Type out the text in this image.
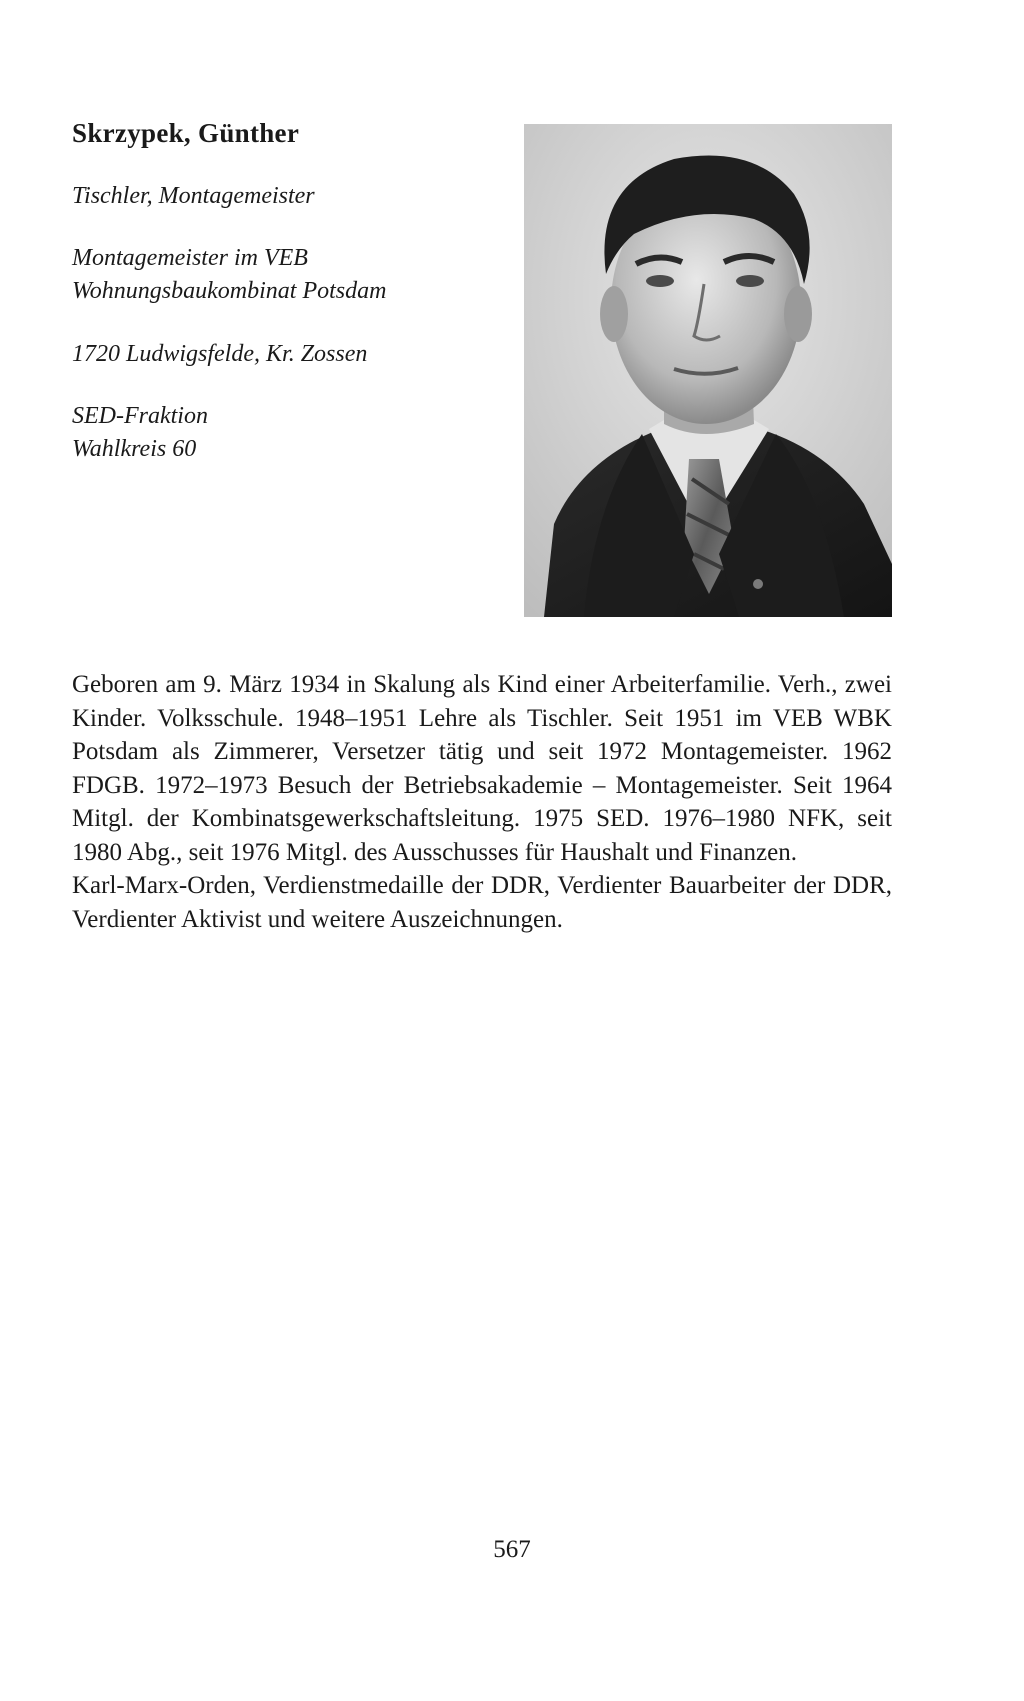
Skrzypek, Günther
Tischler, Montagemeister
Montagemeister im VEB
Wohnungsbaukombinat Potsdam
1720 Ludwigsfelde, Kr. Zossen
SED-Fraktion
Wahlkreis 60

Geboren am 9. März 1934 in Skalung als Kind einer Arbeiterfamilie. Verh., zwei Kinder. Volksschule. 1948–1951 Lehre als Tischler. Seit 1951 im VEB WBK Potsdam als Zimmerer, Versetzer tätig und seit 1972 Montagemeister. 1962 FDGB. 1972–1973 Besuch der Betriebsakademie – Montagemeister. Seit 1964 Mitgl. der Kombinatsgewerkschaftsleitung. 1975 SED. 1976–1980 NFK, seit 1980 Abg., seit 1976 Mitgl. des Ausschusses für Haushalt und Finanzen.

Karl-Marx-Orden, Verdienstmedaille der DDR, Verdienter Bauarbeiter der DDR, Verdienter Aktivist und weitere Auszeichnungen.

567
